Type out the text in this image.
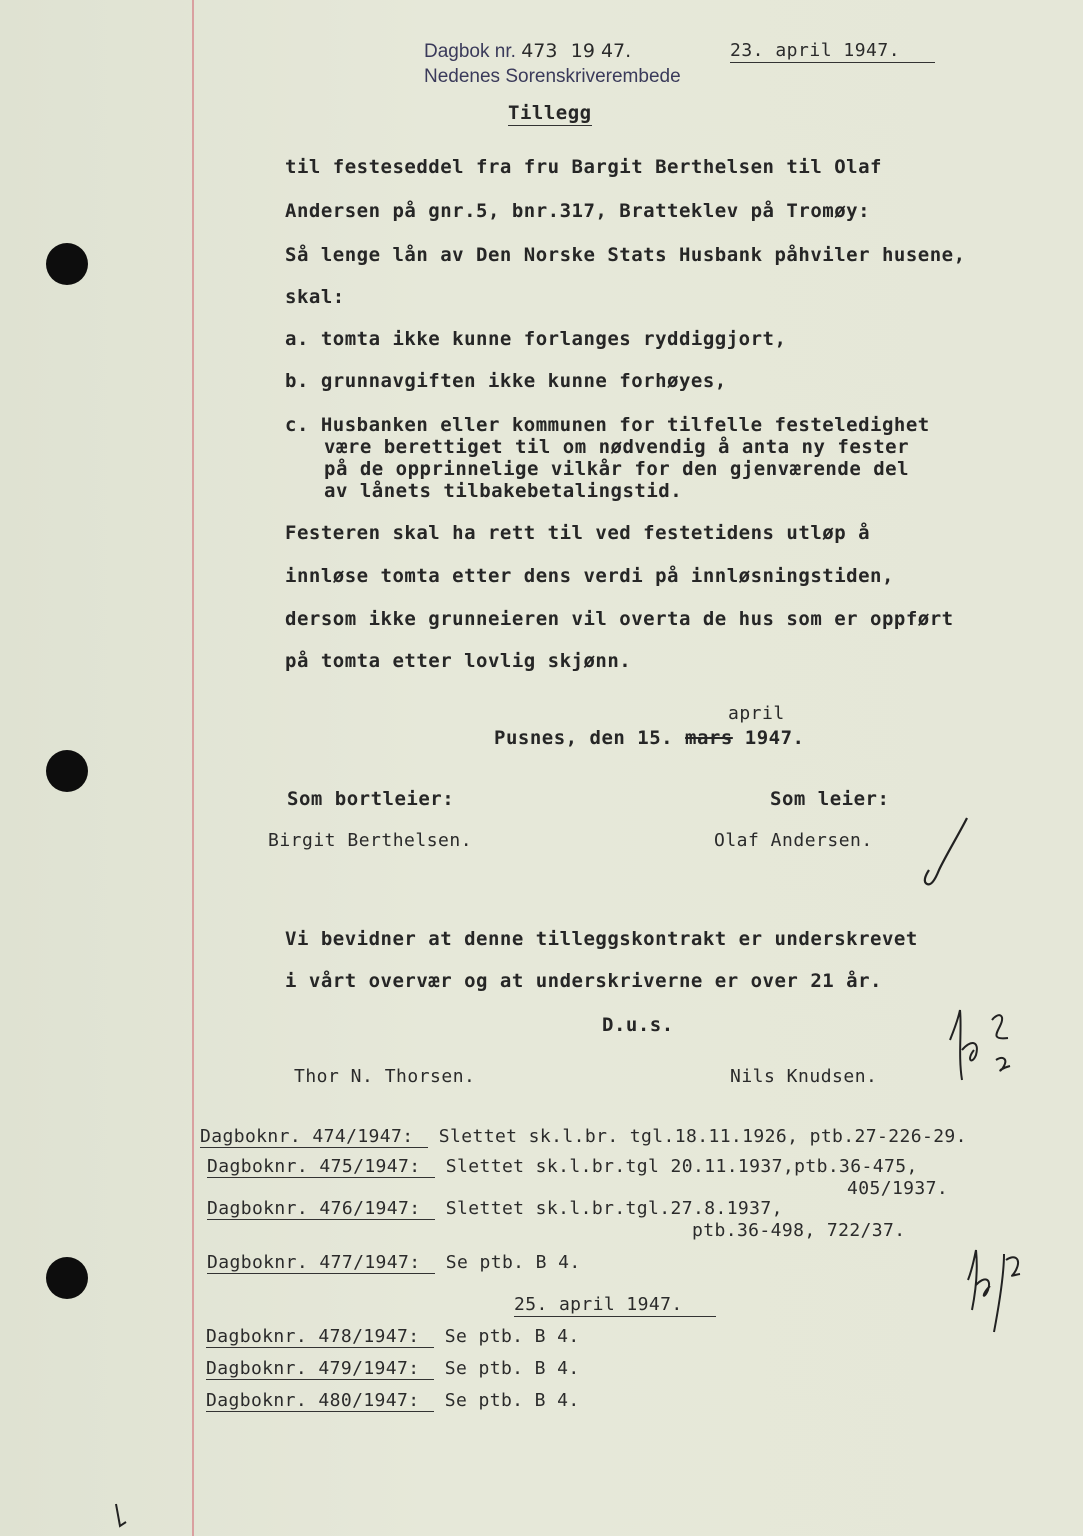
Dagbok nr. 473 19 47.
Nedenes Sorenskriverembede
23. april 1947.
Tillegg
til festeseddel fra fru Bargit Berthelsen til Olaf
Andersen på gnr.5, bnr.317, Bratteklev på Tromøy:
Så lenge lån av Den Norske Stats Husbank påhviler husene,
skal:
a. tomta ikke kunne forlanges ryddiggjort,
b. grunnavgiften ikke kunne forhøyes,
c. Husbanken eller kommunen for tilfelle festeledighet
være berettiget til om nødvendig å anta ny fester
på de opprinnelige vilkår for den gjenværende del
av lånets tilbakebetalingstid.
Festeren skal ha rett til ved festetidens utløp å
innløse tomta etter dens verdi på innløsningstiden,
dersom ikke grunneieren vil overta de hus som er oppført
på tomta etter lovlig skjønn.
april
Pusnes, den 15. mars 1947.
Som bortleier:	Som leier:
Birgit Berthelsen.	Olaf Andersen.
Vi bevidner at denne tilleggskontrakt er underskrevet
i vårt overvær og at underskriverne er over 21 år.
D.u.s.
Thor N. Thorsen.	Nils Knudsen.
Dagboknr. 474/1947: Slettet sk.l.br. tgl.18.11.1926, ptb.27-226-29.
Dagboknr. 475/1947: Slettet sk.l.br.tgl 20.11.1937,ptb.36-475,
405/1937.
Dagboknr. 476/1947: Slettet sk.l.br.tgl.27.8.1937,
ptb.36-498, 722/37.
Dagboknr. 477/1947: Se ptb. B 4.
25. april 1947.
Dagboknr. 478/1947: Se ptb. B 4.
Dagboknr. 479/1947: Se ptb. B 4.
Dagboknr. 480/1947: Se ptb. B 4.
